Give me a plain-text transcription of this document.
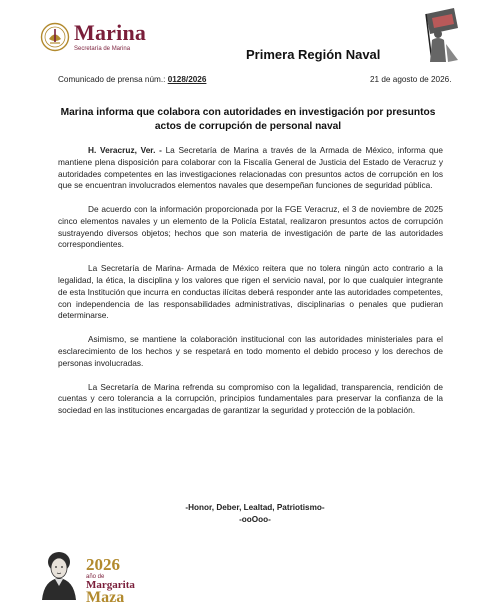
Marina
Secretaría de Marina	Primera Región Naval
Comunicado de prensa núm.: 0128/2026	21 de agosto de 2026.
Marina informa que colabora con autoridades en investigación por presuntos actos de corrupción de personal naval

H. Veracruz, Ver. - La Secretaría de Marina a través de la Armada de México, informa que mantiene plena disposición para colaborar con la Fiscalía General de Justicia del Estado de Veracruz y autoridades competentes en las investigaciones relacionadas con presuntos actos de corrupción en los que se encuentran involucrados elementos navales que desempeñan funciones de seguridad pública.

De acuerdo con la información proporcionada por la FGE Veracruz, el 3 de noviembre de 2025 cinco elementos navales y un elemento de la Policía Estatal, realizaron presuntos actos de corrupción sustrayendo diversos objetos; hechos que son materia de investigación de parte de las autoridades correspondientes.

La Secretaría de Marina- Armada de México reitera que no tolera ningún acto contrario a la legalidad, la ética, la disciplina y los valores que rigen el servicio naval, por lo que cualquier integrante de esta Institución que incurra en conductas ilícitas deberá responder ante las autoridades competentes, con independencia de las responsabilidades administrativas, disciplinarias o penales que pudieran determinarse.

Asimismo, se mantiene la colaboración institucional con las autoridades ministeriales para el esclarecimiento de los hechos y se respetará en todo momento el debido proceso y los derechos de personas involucradas.

La Secretaría de Marina refrenda su compromiso con la legalidad, transparencia, rendición de cuentas y cero tolerancia a la corrupción, principios fundamentales para preservar la confianza de la sociedad en las instituciones encargadas de garantizar la seguridad y protección de la población.

-Honor, Deber, Lealtad, Patriotismo-
-ooOoo-
2026
año de
Margarita
Maza
